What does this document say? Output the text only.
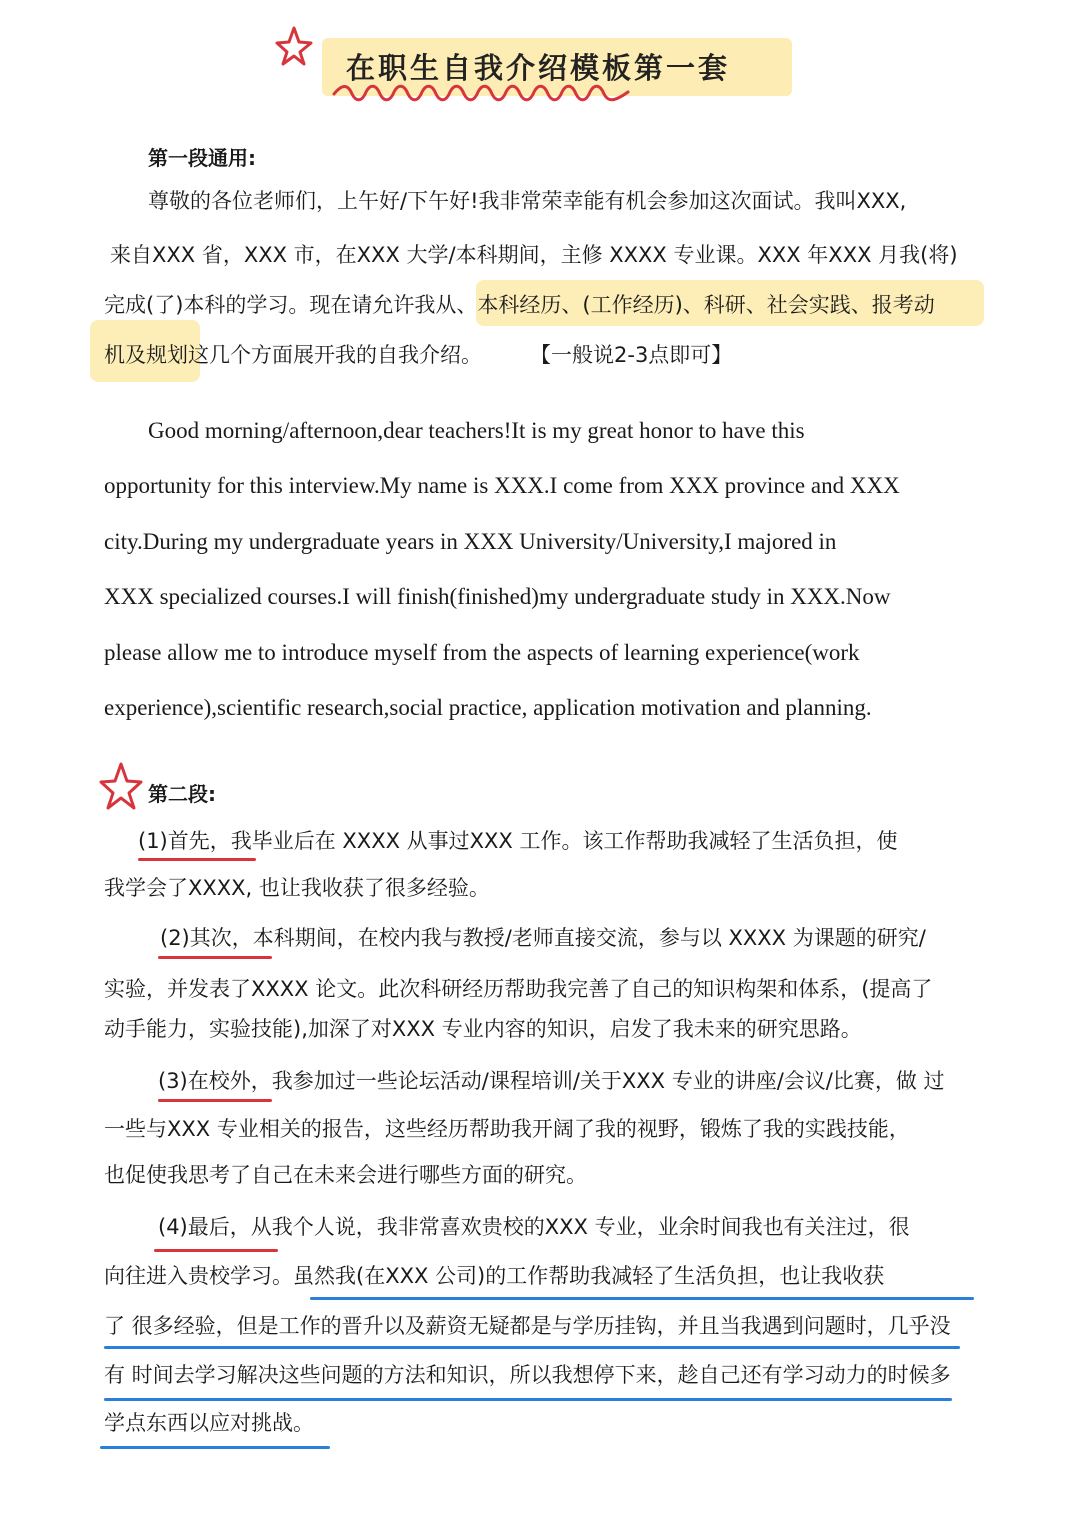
在职生自我介绍模板第一套
第一段通用:
尊敬的各位老师们，上午好/下午好!我非常荣幸能有机会参加这次面试。我叫XXX,
来自XXX 省，XXX 市，在XXX 大学/本科期间，主修 XXXX 专业课。XXX 年XXX 月我(将)
完成(了)本科的学习。现在请允许我从、本科经历、(工作经历)、科研、社会实践、报考动
机及规划这几个方面展开我的自我介绍。 【一般说2-3点即可】
Good morning/afternoon,dear teachers!It is my great honor to have this
opportunity for this interview.My name is XXX.I come from XXX province and XXX
city.During my undergraduate years in XXX University/University,I majored in
XXX specialized courses.I will finish(finished)my undergraduate study in XXX.Now
please allow me to introduce myself from the aspects of learning experience(work
experience),scientific research,social practice, application motivation and planning.
第二段:
(1)首先，我毕业后在 XXXX 从事过XXX 工作。该工作帮助我减轻了生活负担，使
我学会了XXXX, 也让我收获了很多经验。
(2)其次，本科期间，在校内我与教授/老师直接交流，参与以 XXXX 为课题的研究/
实验，并发表了XXXX 论文。此次科研经历帮助我完善了自己的知识构架和体系，(提高了
动手能力，实验技能),加深了对XXX 专业内容的知识，启发了我未来的研究思路。
(3)在校外，我参加过一些论坛活动/课程培训/关于XXX 专业的讲座/会议/比赛，做 过
一些与XXX 专业相关的报告，这些经历帮助我开阔了我的视野，锻炼了我的实践技能，
也促使我思考了自己在未来会进行哪些方面的研究。
(4)最后，从我个人说，我非常喜欢贵校的XXX 专业，业余时间我也有关注过，很
向往进入贵校学习。虽然我(在XXX 公司)的工作帮助我减轻了生活负担，也让我收获
了 很多经验，但是工作的晋升以及薪资无疑都是与学历挂钩，并且当我遇到问题时，几乎没
有 时间去学习解决这些问题的方法和知识，所以我想停下来，趁自己还有学习动力的时候多
学点东西以应对挑战。
